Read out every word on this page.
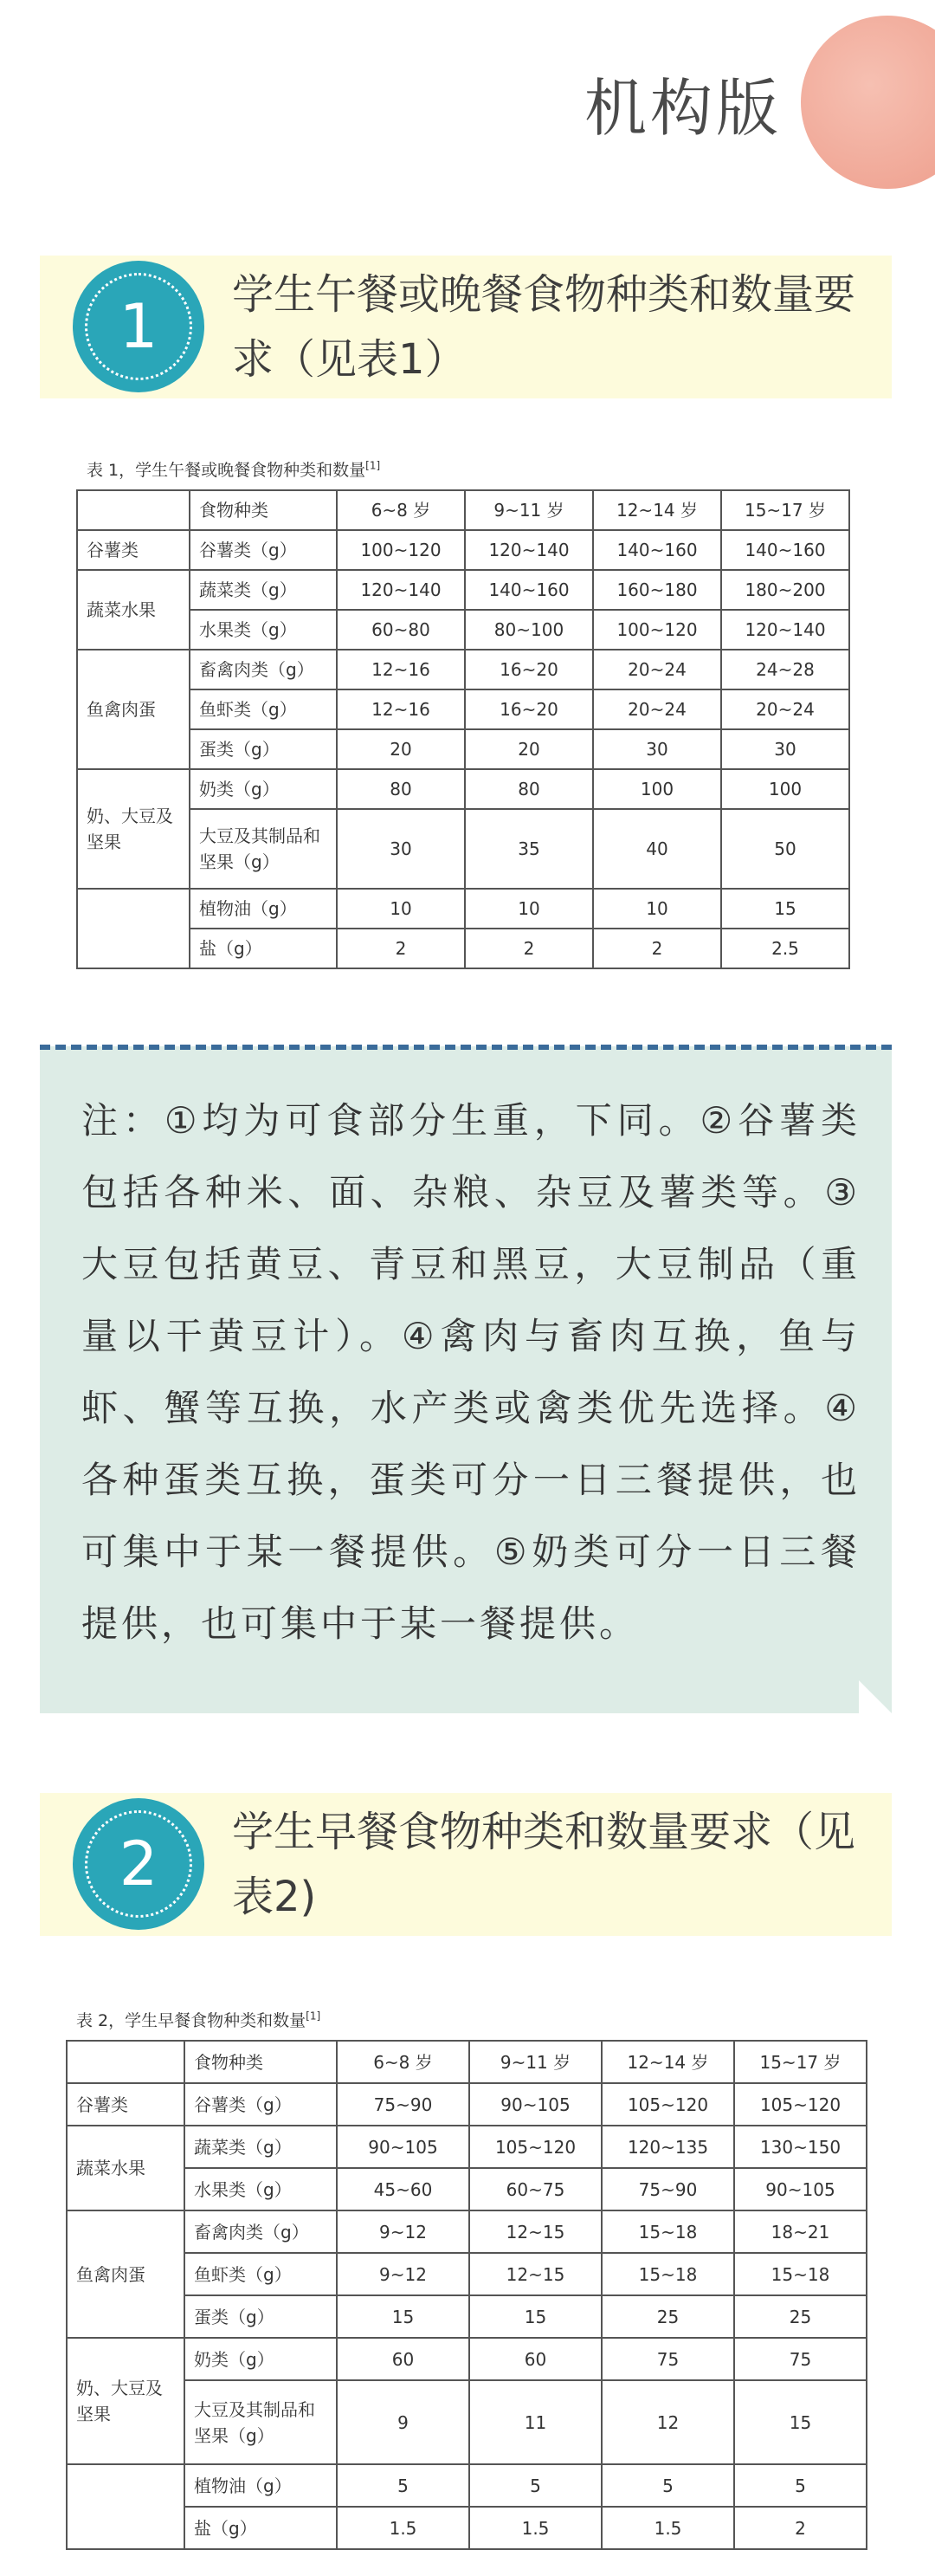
机构版
1	学生午餐或晚餐食物种类和数量要求（见表1）
表 1，学生午餐或晚餐食物种类和数量[1]
	食物种类	6~8 岁	9~11 岁	12~14 岁	15~17 岁
谷薯类	谷薯类（g）	100~120	120~140	140~160	140~160
蔬菜水果	蔬菜类（g）	120~140	140~160	160~180	180~200
	水果类（g）	60~80	80~100	100~120	120~140
鱼禽肉蛋	畜禽肉类（g）	12~16	16~20	20~24	24~28
	鱼虾类（g）	12~16	16~20	20~24	20~24
	蛋类（g）	20	20	30	30
奶、大豆及坚果	奶类（g）	80	80	100	100
	大豆及其制品和坚果（g）	30	35	40	50
	植物油（g）	10	10	10	15
	盐（g）	2	2	2	2.5
注：①均为可食部分生重，下同。②谷薯类包括各种米、面、杂粮、杂豆及薯类等。③大豆包括黄豆、青豆和黑豆，大豆制品（重量以干黄豆计）。④禽肉与畜肉互换，鱼与虾、蟹等互换，水产类或禽类优先选择。④各种蛋类互换，蛋类可分一日三餐提供，也可集中于某一餐提供。⑤奶类可分一日三餐提供，也可集中于某一餐提供。
2	学生早餐食物种类和数量要求（见表2)
表 2，学生早餐食物种类和数量[1]
	食物种类	6~8 岁	9~11 岁	12~14 岁	15~17 岁
谷薯类	谷薯类（g）	75~90	90~105	105~120	105~120
蔬菜水果	蔬菜类（g）	90~105	105~120	120~135	130~150
	水果类（g）	45~60	60~75	75~90	90~105
鱼禽肉蛋	畜禽肉类（g）	9~12	12~15	15~18	18~21
	鱼虾类（g）	9~12	12~15	15~18	15~18
	蛋类（g）	15	15	25	25
奶、大豆及坚果	奶类（g）	60	60	75	75
	大豆及其制品和坚果（g）	9	11	12	15
	植物油（g）	5	5	5	5
	盐（g）	1.5	1.5	1.5	2
